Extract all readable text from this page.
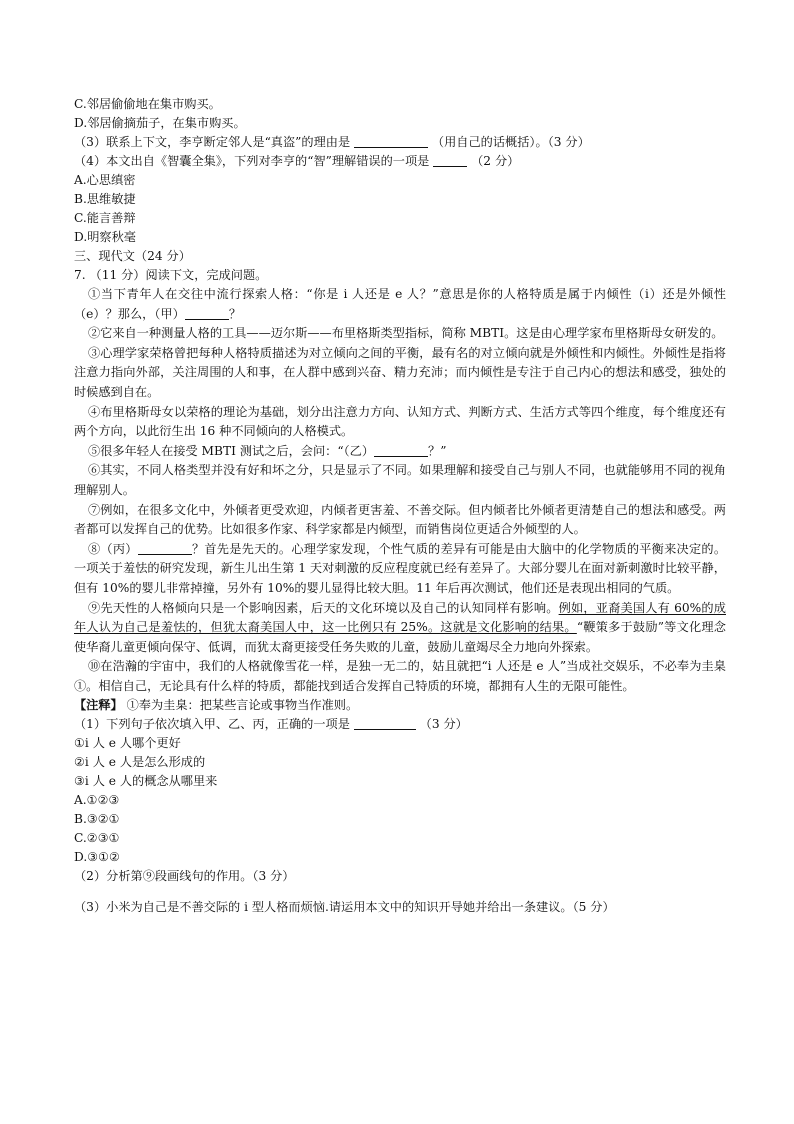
C.邻居偷偷地在集市购买。
D.邻居偷摘茄子，在集市购买。
（3）联系上下文，李亨断定邻人是“真盗”的理由是	（用自己的话概括）。（3 分）
（4）本文出自《智囊全集》，下列对李亨的“智”理解错误的一项是	（2 分）
A.心思缜密
B.思维敏捷
C.能言善辩
D.明察秋毫
三、现代文（24 分）
7. （11 分）阅读下文，完成问题。

①当下青年人在交往中流行探索人格：“你是 i 人还是 e 人？”意思是你的人格特质是属于内倾性（i）还是外倾性（e）？那么，（甲）	？

②它来自一种测量人格的工具——迈尔斯——布里格斯类型指标，简称 MBTI。这是由心理学家布里格斯母女研发的。

③心理学家荣格曾把每种人格特质描述为对立倾向之间的平衡，最有名的对立倾向就是外倾性和内倾性。外倾性是指将注意力指向外部，关注周围的人和事，在人群中感到兴奋、精力充沛；而内倾性是专注于自己内心的想法和感受，独处的时候感到自在。

④布里格斯母女以荣格的理论为基础，划分出注意力方向、认知方式、判断方式、生活方式等四个维度，每个维度还有两个方向，以此衍生出 16 种不同倾向的人格模式。

⑤很多年轻人在接受 MBTI 测试之后，会问：“（乙）	？”

⑥其实，不同人格类型并没有好和坏之分，只是显示了不同。如果理解和接受自己与别人不同，也就能够用不同的视角理解别人。

⑦例如，在很多文化中，外倾者更受欢迎，内倾者更害羞、不善交际。但内倾者比外倾者更清楚自己的想法和感受。两者都可以发挥自己的优势。比如很多作家、科学家都是内倾型，而销售岗位更适合外倾型的人。

⑧（丙）	？首先是先天的。心理学家发现，个性气质的差异有可能是由大脑中的化学物质的平衡来决定的。一项关于羞怯的研究发现，新生儿出生第 1 天对刺激的反应程度就已经有差异了。大部分婴儿在面对新刺激时比较平静，但有 10%的婴儿非常掉撞，另外有 10%的婴儿显得比较大胆。11 年后再次测试，他们还是表现出相同的气质。

⑨先天性的人格倾向只是一个影响因素，后天的文化环境以及自己的认知同样有影响。例如，亚裔美国人有 60%的成年人认为自己是羞怯的，但犹太裔美国人中，这一比例只有 25%。这就是文化影响的结果。“鞭策多于鼓励”等文化理念使华裔儿童更倾向保守、低调，而犹太裔更接受任务失败的儿童，鼓励儿童竭尽全力地向外探索。

⑩在浩瀚的宇宙中，我们的人格就像雪花一样，是独一无二的，姑且就把“i 人还是 e 人”当成社交娱乐，不必奉为圭臬①。相信自己，无论具有什么样的特质，都能找到适合发挥自己特质的环境，都拥有人生的无限可能性。

【注释】 ①奉为圭臬：把某些言论或事物当作准则。
（1）下列句子依次填入甲、乙、丙，正确的一项是	（3 分）
①i 人 e 人哪个更好
②i 人 e 人是怎么形成的
③i 人 e 人的概念从哪里来
A.①②③
B.③②①
C.②③①
D.③①②
（2）分析第⑨段画线句的作用。（3 分）
（3）小米为自己是不善交际的 i 型人格而烦恼.请运用本文中的知识开导她并给出一条建议。（5 分）
